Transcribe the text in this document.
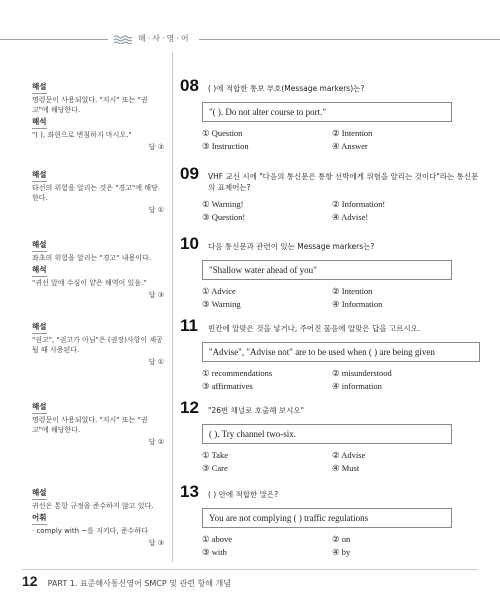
해·사·영·어
해설
명령문이 사용되었다. "지시" 또는 "권고"에 해당한다.
해석
"( ), 좌현으로 변침하지 마시오."
답 ③
해설
타선의 위험을 알리는 것은 "경고"에 해당한다.
답 ①
해설
좌초의 위험을 알리는 "경고" 내용이다.
해석
"귀선 앞에 수심이 얕은 해역이 있음."
답 ③
해설
"권고", "권고가 아님"은 (권장)사항이 제공될 때 사용된다.
답 ①
해설
명령문이 사용되었다. "지시" 또는 "권고"에 해당한다.
답 ②
해설
귀선은 통항 규정을 준수하지 않고 있다.
어휘
· comply with ~를 지키다, 준수하다
답 ③
08 ( )에 적합한 통보 부호(Message markers)는?
"( ). Do not alter course to port."
① Question	② Intention
③ Instruction	④ Answer
09 VHF 교신 시에 "다음의 통신문은 통항 선박에게 위험을 알리는 것이다"라는 통신문의 표제어는?
① Warning!	② Information!
③ Question!	④ Advise!
10 다음 통신문과 관련이 있는 Message markers는?
"Shallow water ahead of you"
① Advice	② Intention
③ Warning	④ Information
11 빈칸에 알맞은 것을 넣거나, 주어진 물음에 알맞은 답을 고르시오.
"Advise", "Advise not" are to be used when ( ) are being given
① recommendations	② misunderstood
③ affirmatives	④ information
12 "26번 채널로 호출해 보시오"
( ). Try channel two-six.
① Take	② Advise
③ Care	④ Must
13 ( ) 안에 적합한 말은?
You are not complying ( ) traffic regulations
① above	② on
③ with	④ by
12 PART 1. 표준해사통신영어 SMCP 및 관련 항해 개념
